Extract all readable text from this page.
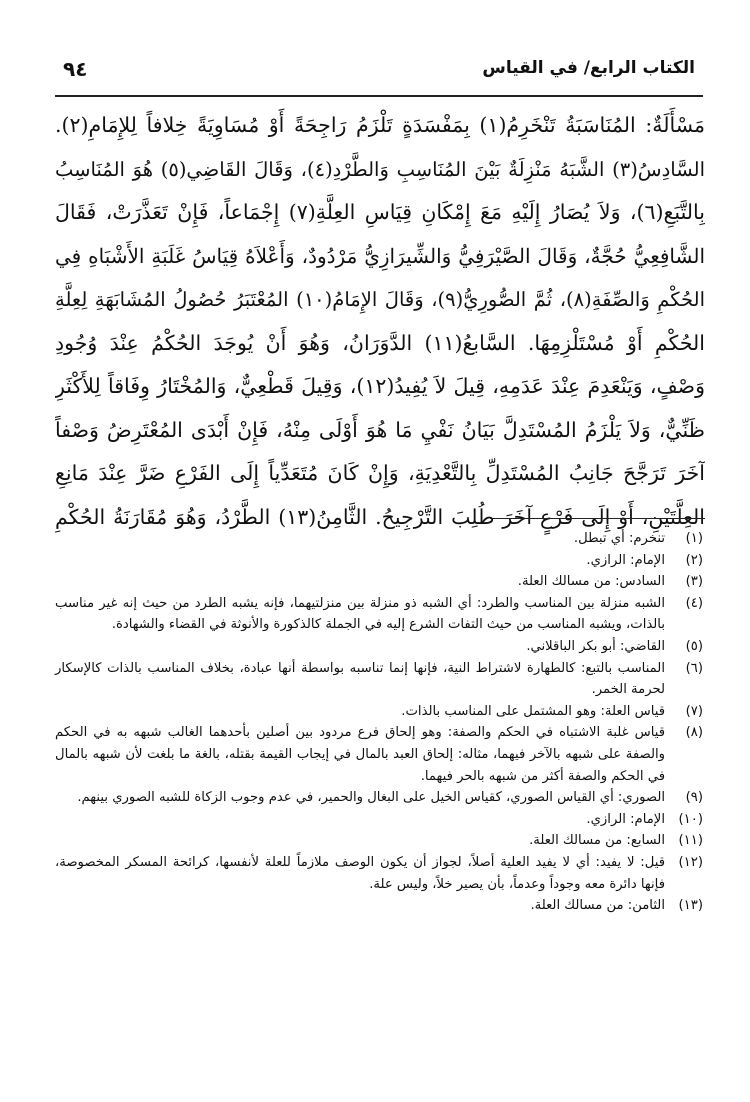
٩٤	الكتاب الرابع/ في القياس
مَسْأَلَةٌ: المُنَاسَبَةُ تَنْخَرِمُ(١) بِمَفْسَدَةٍ تَلْزَمُ رَاجِحَةً أَوْ مُسَاوِيَةً خِلافاً لِلإِمَامِ(٢).
السَّادِسُ(٣) الشَّبَهُ مَنْزِلَةٌ بَيْنَ المُنَاسِبِ وَالطَّرْدِ(٤)، وَقَالَ القَاضِي(٥) هُوَ المُنَاسِبُ
بِالتَّبَعِ(٦)، وَلاَ يُصَارُ إِلَيْهِ مَعَ إِمْكَانِ قِيَاسِ العِلَّةِ(٧) إِجْمَاعاً، فَإِنْ تَعَذَّرَتْ، فَقَالَ
الشَّافِعِيُّ حُجَّةٌ، وَقَالَ الصَّيْرَفِيُّ وَالشِّيرَازِيُّ مَرْدُودٌ، وَأَعْلاَهُ قِيَاسُ غَلَبَةِ الأَشْبَاهِ فِي
الحُكْمِ وَالصِّفَةِ(٨)، ثُمَّ الصُّورِيُّ(٩)، وَقَالَ الإِمَامُ(١٠) المُعْتَبَرُ حُصُولُ المُشَابَهَةِ لِعِلَّةِ
الحُكْمِ أَوْ مُسْتَلْزِمِهَا. السَّابعُ(١١) الدَّوَرَانُ، وَهُوَ أَنْ يُوجَدَ الحُكْمُ عِنْدَ وُجُودِ
وَصْفٍ، وَيَنْعَدِمَ عِنْدَ عَدَمِهِ، قِيلَ لاَ يُفِيدُ(١٢)، وَقِيلَ قَطْعِيٌّ، وَالمُخْتَارُ وِفَاقاً لِلأَكْثَرِ
ظَنِّيٌّ، وَلاَ يَلْزَمُ المُسْتَدِلَّ بَيَانُ نَفْيِ مَا هُوَ أَوْلَى مِنْهُ، فَإِنْ أَبْدَى المُعْتَرِضُ وَصْفاً
آخَرَ تَرَجَّحَ جَانِبُ المُسْتَدِلِّ بِالتَّعْدِيَةِ، وَإِنْ كَانَ مُتَعَدِّياً إِلَى الفَرْعِ ضَرَّ عِنْدَ مَانِعِ
العِلَّتَيْنِ، أَوْ إِلَى فَرْعٍ آخَرَ طُلِبَ التَّرْجِيحُ. الثَّامِنُ(١٣) الطَّرْدُ، وَهُوَ مُقَارَنَةُ الحُكْمِ
(١)
تنخرم: أي تبطل.
(٢)
الإمام: الرازي.
(٣)
السادس: من مسالك العلة.
(٤)
الشبه منزلة بين المناسب والطرد: أي الشبه ذو منزلة بين منزلتيهما، فإنه يشبه الطرد من حيث إنه غير مناسب بالذات، ويشبه المناسب من حيث التفات الشرع إليه في الجملة كالذكورة والأنوثة في القضاء والشهادة.
(٥)
القاضي: أبو بكر الباقلاني.
(٦)
المناسب بالتبع: كالطهارة لاشتراط النية، فإنها إنما تناسبه بواسطة أنها عبادة، بخلاف المناسب بالذات كالإسكار لحرمة الخمر.
(٧)
قياس العلة: وهو المشتمل على المناسب بالذات.
(٨)
قياس غلبة الاشتباه في الحكم والصفة: وهو إلحاق فرع مردود بين أصلين بأحدهما الغالب شبهه به في الحكم والصفة على شبهه بالآخر فيهما، مثاله: إلحاق العبد بالمال في إيجاب القيمة بقتله، بالغة ما بلغت لأن شبهه بالمال في الحكم والصفة أكثر من شبهه بالحر فيهما.
(٩)
الصوري: أي القياس الصوري، كقياس الخيل على البغال والحمير، في عدم وجوب الزكاة للشبه الصوري بينهم.
(١٠)
الإمام: الرازي.
(١١)
السابع: من مسالك العلة.
(١٢)
قيل: لا يفيد: أي لا يفيد العلية أصلاً، لجواز أن يكون الوصف ملازماً للعلة لأنفسها، كرائحة المسكر المخصوصة، فإنها دائرة معه وجوداً وعدماً، بأن يصير خلاً، وليس علة.
(١٣)
الثامن: من مسالك العلة.
